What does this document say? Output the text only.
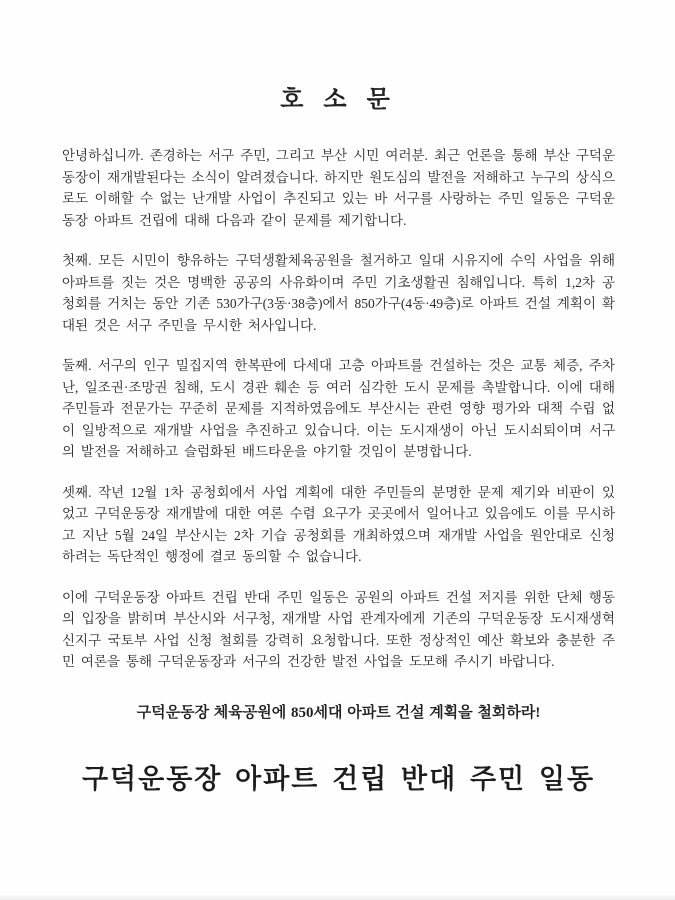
호 소 문

안녕하십니까. 존경하는 서구 주민, 그리고 부산 시민 여러분. 최근 언론을 통해 부산 구덕운동장이 재개발된다는 소식이 알려졌습니다. 하지만 원도심의 발전을 저해하고 누구의 상식으로도 이해할 수 없는 난개발 사업이 추진되고 있는 바 서구를 사랑하는 주민 일동은 구덕운동장 아파트 건립에 대해 다음과 같이 문제를 제기합니다.

첫째. 모든 시민이 향유하는 구덕생활체육공원을 철거하고 일대 시유지에 수익 사업을 위해 아파트를 짓는 것은 명백한 공공의 사유화이며 주민 기초생활권 침해입니다. 특히 1,2차 공청회를 거치는 동안 기존 530가구(3동·38층)에서 850가구(4동·49층)로 아파트 건설 계획이 확대된 것은 서구 주민을 무시한 처사입니다.

둘째. 서구의 인구 밀집지역 한복판에 다세대 고층 아파트를 건설하는 것은 교통 체증, 주차난, 일조권·조망권 침해, 도시 경관 훼손 등 여러 심각한 도시 문제를 촉발합니다. 이에 대해 주민들과 전문가는 꾸준히 문제를 지적하였음에도 부산시는 관련 영향 평가와 대책 수립 없이 일방적으로 재개발 사업을 추진하고 있습니다. 이는 도시재생이 아닌 도시쇠퇴이며 서구의 발전을 저해하고 슬럼화된 배드타운을 야기할 것임이 분명합니다.

셋째. 작년 12월 1차 공청회에서 사업 계획에 대한 주민들의 분명한 문제 제기와 비판이 있었고 구덕운동장 재개발에 대한 여론 수렴 요구가 곳곳에서 일어나고 있음에도 이를 무시하고 지난 5월 24일 부산시는 2차 기습 공청회를 개최하였으며 재개발 사업을 원안대로 신청하려는 독단적인 행정에 결코 동의할 수 없습니다.

이에 구덕운동장 아파트 건립 반대 주민 일동은 공원의 아파트 건설 저지를 위한 단체 행동의 입장을 밝히며 부산시와 서구청, 재개발 사업 관계자에게 기존의 구덕운동장 도시재생혁신지구 국토부 사업 신청 철회를 강력히 요청합니다. 또한 정상적인 예산 확보와 충분한 주민 여론을 통해 구덕운동장과 서구의 건강한 발전 사업을 도모해 주시기 바랍니다.

구덕운동장 체육공원에 850세대 아파트 건설 계획을 철회하라!
구덕운동장 아파트 건립 반대 주민 일동
